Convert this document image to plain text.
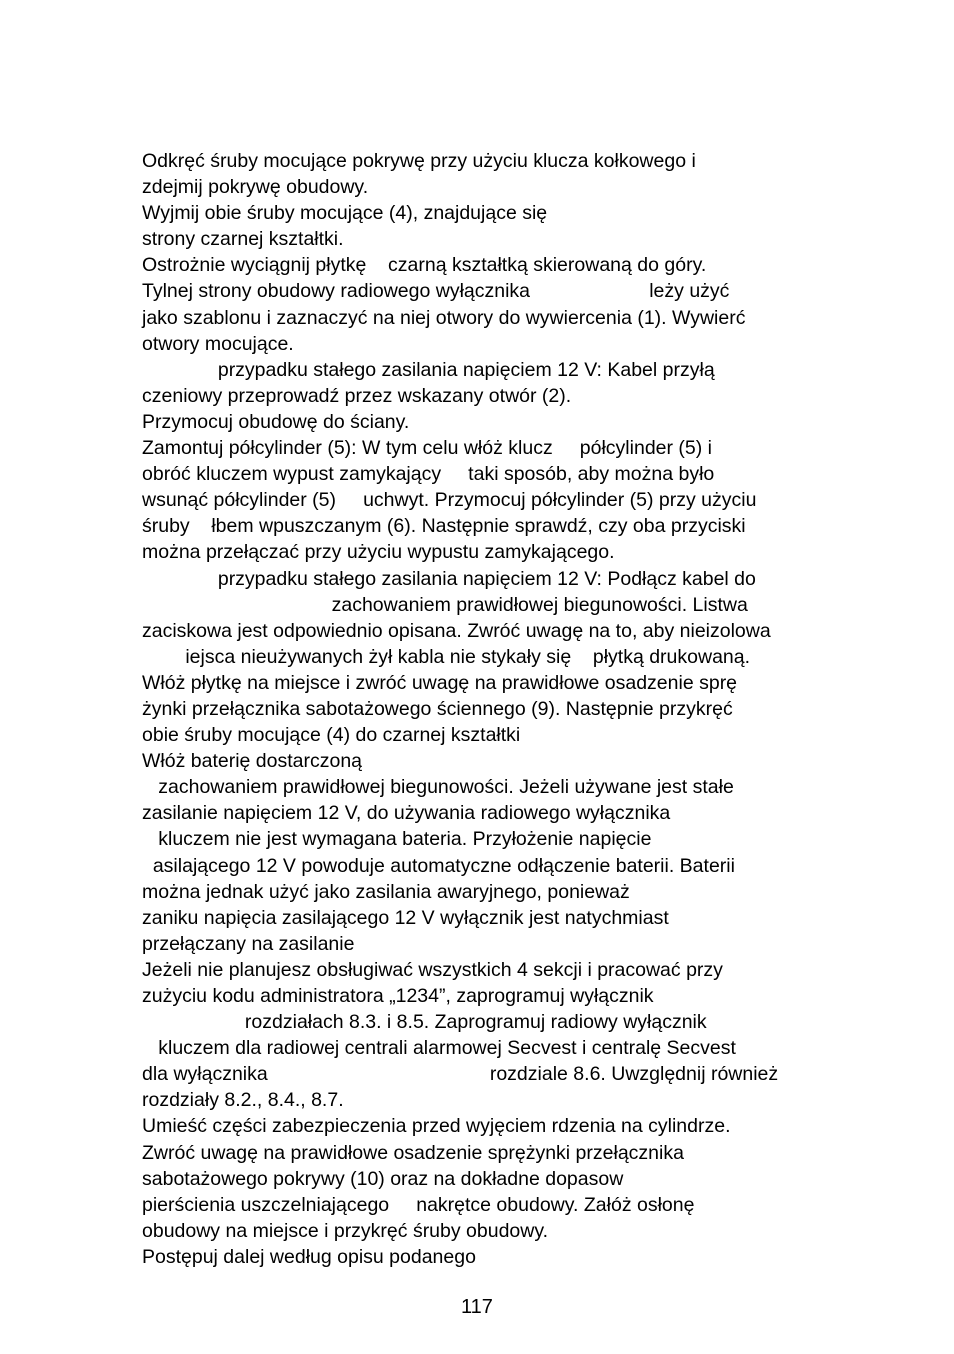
Odkręć śruby mocujące pokrywę przy użyciu klucza kołkowego i
zdejmij pokrywę obudowy.
Wyjmij obie śruby mocujące (4), znajdujące się
strony czarnej kształtki.
Ostrożnie wyciągnij płytkę    czarną kształtką skierowaną do góry.
Tylnej strony obudowy radiowego wyłącznika                      leży użyć
jako szablonu i zaznaczyć na niej otwory do wywiercenia (1). Wywierć
otwory mocujące.
przypadku stałego zasilania napięciem 12 V: Kabel przyłą
czeniowy przeprowadź przez wskazany otwór (2).
Przymocuj obudowę do ściany.
Zamontuj półcylinder (5): W tym celu włóż klucz     półcylinder (5) i
obróć kluczem wypust zamykający     taki sposób, aby można było
wsunąć półcylinder (5)     uchwyt. Przymocuj półcylinder (5) przy użyciu
śruby    łbem wpuszczanym (6). Następnie sprawdź, czy oba przyciski
można przełączać przy użyciu wypustu zamykającego.
przypadku stałego zasilania napięciem 12 V: Podłącz kabel do
zachowaniem prawidłowej biegunowości. Listwa
zaciskowa jest odpowiednio opisana. Zwróć uwagę na to, aby nieizolowa
iejsca nieużywanych żył kabla nie stykały się    płytką drukowaną.
Włóż płytkę na miejsce i zwróć uwagę na prawidłowe osadzenie sprę
żynki przełącznika sabotażowego ściennego (9). Następnie przykręć
obie śruby mocujące (4) do czarnej kształtki
Włóż baterię dostarczoną
zachowaniem prawidłowej biegunowości. Jeżeli używane jest stałe
zasilanie napięciem 12 V, do używania radiowego wyłącznika
kluczem nie jest wymagana bateria. Przyłożenie napięcie
asilającego 12 V powoduje automatyczne odłączenie baterii. Baterii
można jednak użyć jako zasilania awaryjnego, ponieważ
zaniku napięcia zasilającego 12 V wyłącznik jest natychmiast
przełączany na zasilanie
Jeżeli nie planujesz obsługiwać wszystkich 4 sekcji i pracować przy
zużyciu kodu administratora „1234”, zaprogramuj wyłącznik
rozdziałach 8.3. i 8.5. Zaprogramuj radiowy wyłącznik
kluczem dla radiowej centrali alarmowej Secvest i centralę Secvest
dla wyłącznika                                         rozdziale 8.6. Uwzględnij również
rozdziały 8.2., 8.4., 8.7.
Umieść części zabezpieczenia przed wyjęciem rdzenia na cylindrze.
Zwróć uwagę na prawidłowe osadzenie sprężynki przełącznika
sabotażowego pokrywy (10) oraz na dokładne dopasow
pierścienia uszczelniającego     nakrętce obudowy. Załóż osłonę
obudowy na miejsce i przykręć śruby obudowy.
Postępuj dalej według opisu podanego
117
